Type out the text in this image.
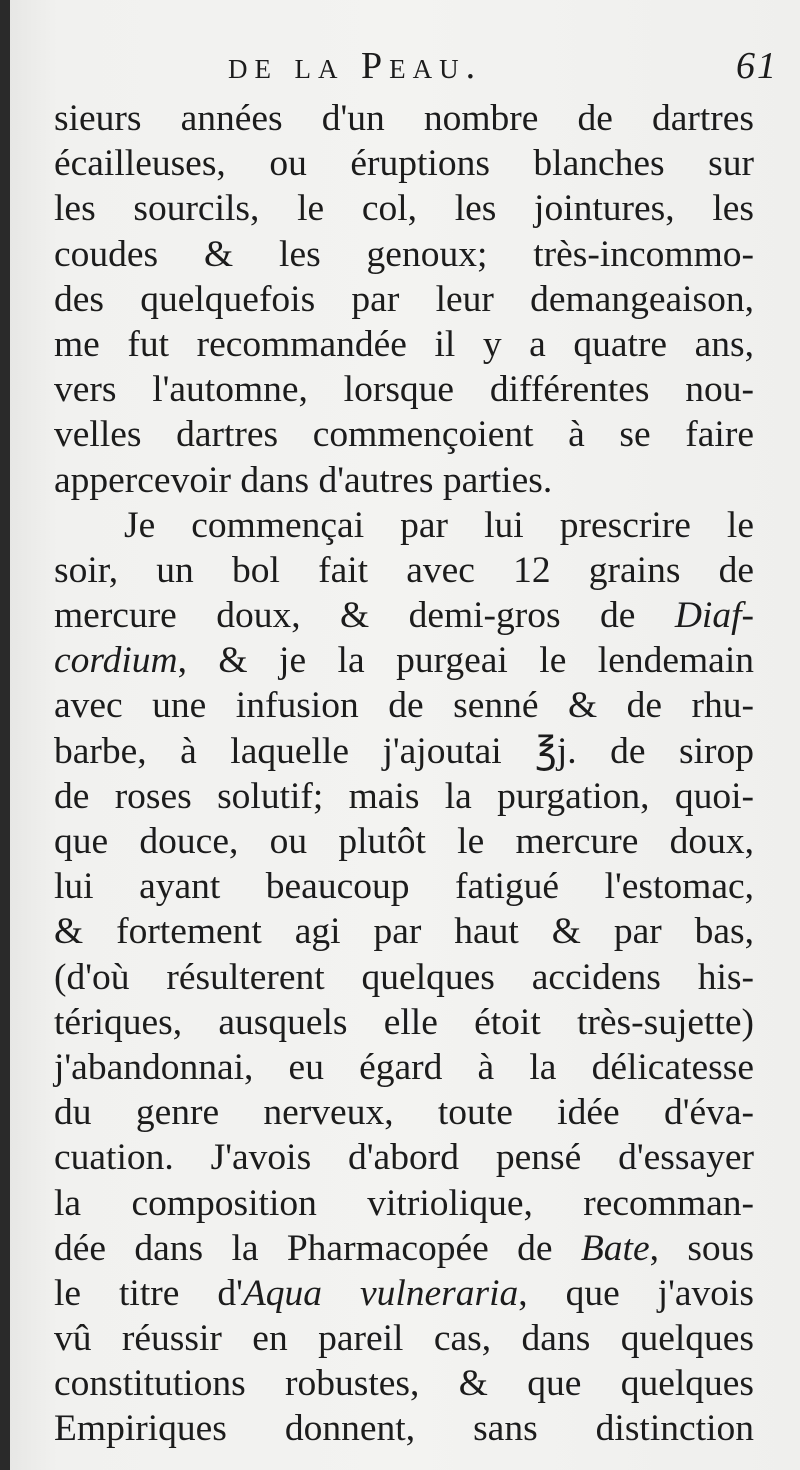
de la Peau.	61
sieurs années d'un nombre de dartres
écailleuses, ou éruptions blanches sur
les sourcils, le col, les jointures, les
coudes & les genoux; très-incommo-
des quelquefois par leur demangeaison,
me fut recommandée il y a quatre ans,
vers l'automne, lorsque différentes nou-
velles dartres commençoient à se faire
appercevoir dans d'autres parties.
Je commençai par lui prescrire le
soir, un bol fait avec 12 grains de
mercure doux, & demi-gros de Diaf-
cordium, & je la purgeai le lendemain
avec une infusion de senné & de rhu-
barbe, à laquelle j'ajoutai ℥j. de sirop
de roses solutif; mais la purgation, quoi-
que douce, ou plutôt le mercure doux,
lui ayant beaucoup fatigué l'estomac,
& fortement agi par haut & par bas,
(d'où résulterent quelques accidens his-
tériques, ausquels elle étoit très-sujette)
j'abandonnai, eu égard à la délicatesse
du genre nerveux, toute idée d'éva-
cuation. J'avois d'abord pensé d'essayer
la composition vitriolique, recomman-
dée dans la Pharmacopée de Bate, sous
le titre d'Aqua vulneraria, que j'avois
vû réussir en pareil cas, dans quelques
constitutions robustes, & que quelques
Empiriques donnent, sans distinction
